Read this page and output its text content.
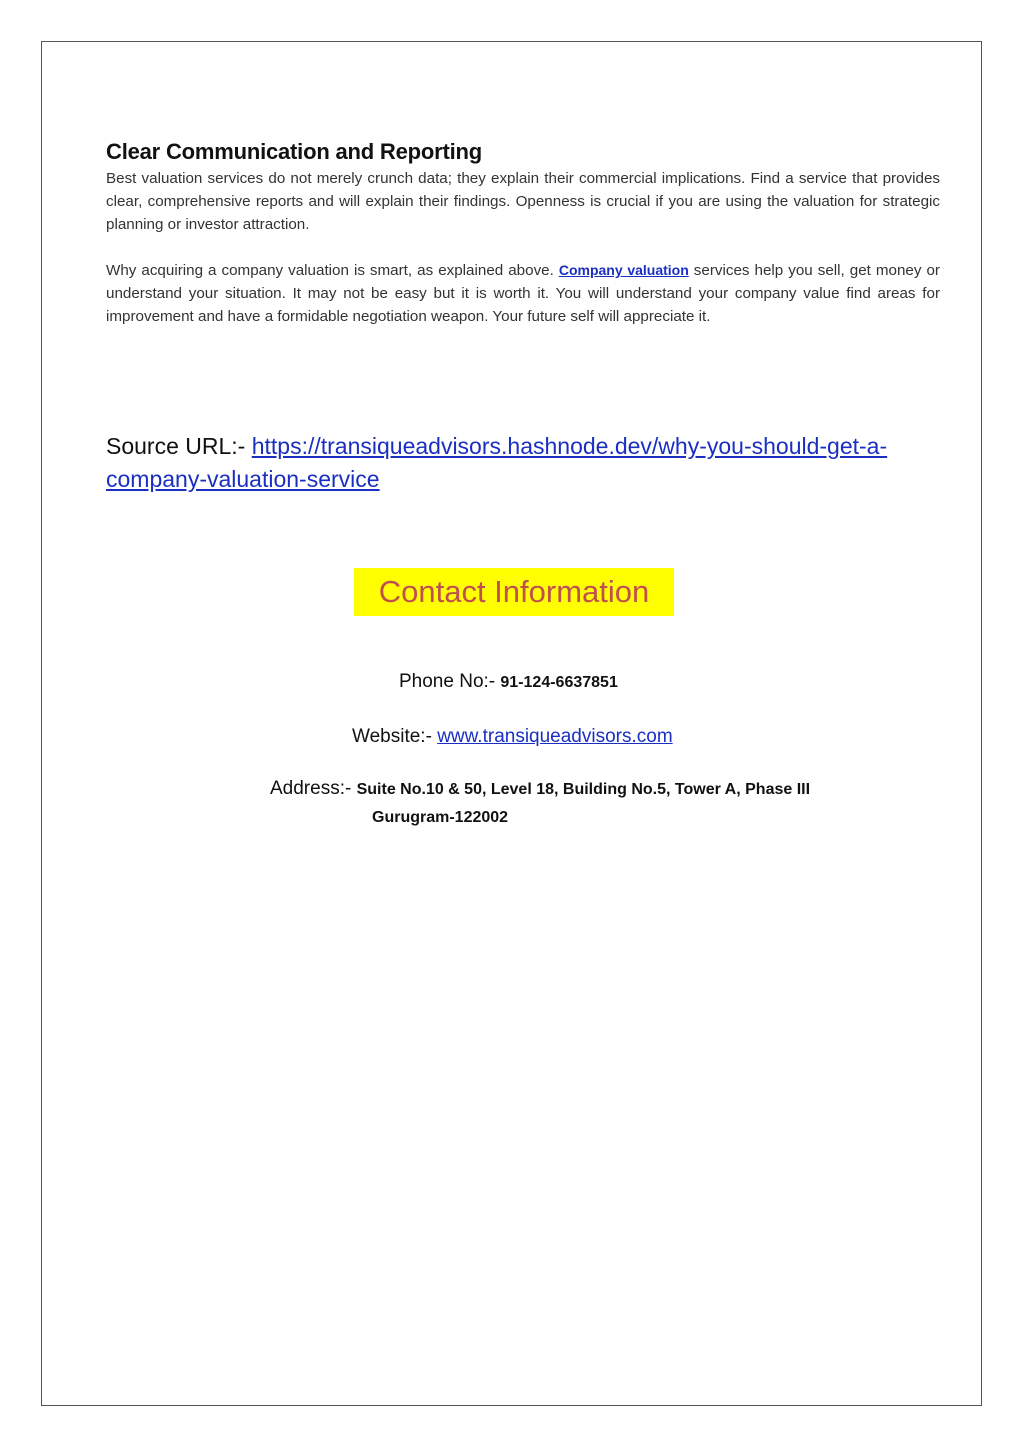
Clear Communication and Reporting

Best valuation services do not merely crunch data; they explain their commercial implications. Find a service that provides clear, comprehensive reports and will explain their findings. Openness is crucial if you are using the valuation for strategic planning or investor attraction.

Why acquiring a company valuation is smart, as explained above. Company valuation services help you sell, get money or understand your situation. It may not be easy but it is worth it. You will understand your company value find areas for improvement and have a formidable negotiation weapon. Your future self will appreciate it.

Source URL:- https://transiqueadvisors.hashnode.dev/why-you-should-get-a-company-valuation-service

Contact Information

Phone No:- 91-124-6637851

Website:- www.transiqueadvisors.com

Address:- Suite No.10 & 50, Level 18, Building No.5, Tower A, Phase III

Gurugram-122002
